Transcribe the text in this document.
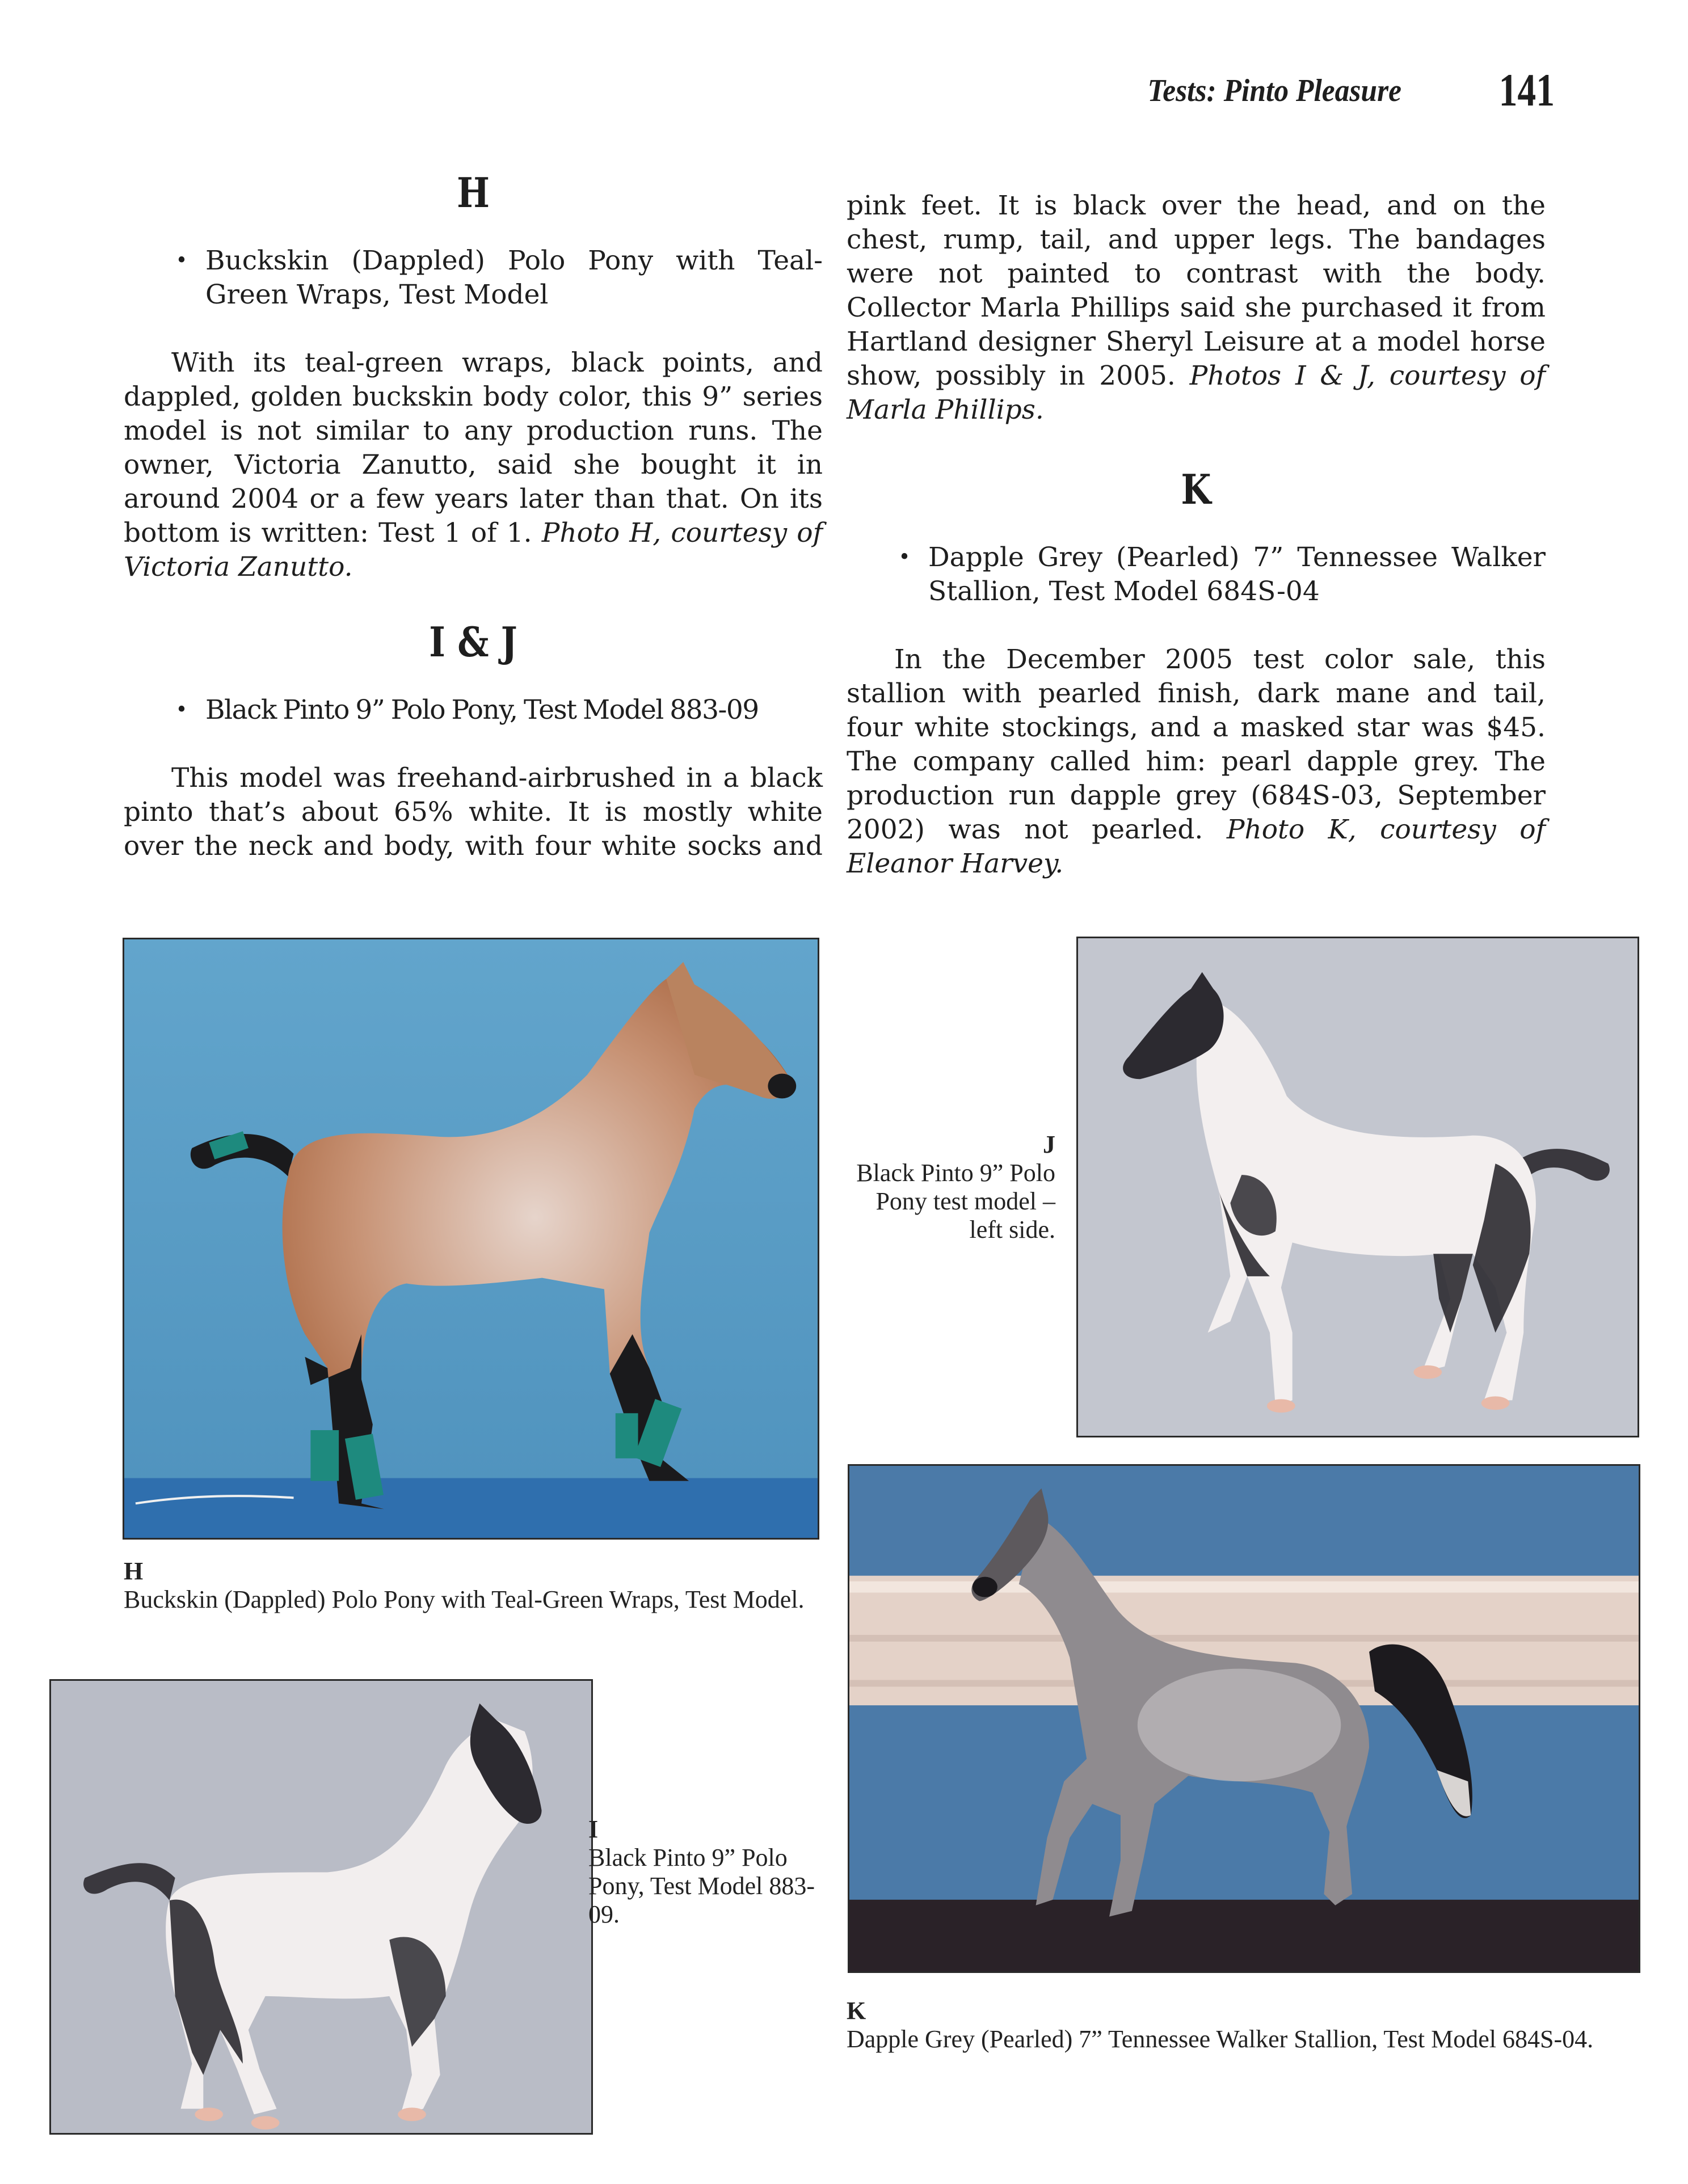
Tests: Pinto Pleasure 141
H
• Buckskin (Dappled) Polo Pony with Teal-Green Wraps, Test Model

With its teal-green wraps, black points, and dappled, golden buckskin body color, this 9” series model is not similar to any production runs. The owner, Victoria Zanutto, said she bought it in around 2004 or a few years later than that. On its bottom is written: Test 1 of 1. Photo H, courtesy of Victoria Zanutto.

I & J
• Black Pinto 9” Polo Pony, Test Model 883-09

This model was freehand-airbrushed in a black pinto that’s about 65% white. It is mostly white over the neck and body, with four white socks and

pink feet. It is black over the head, and on the chest, rump, tail, and upper legs. The bandages were not painted to contrast with the body. Collector Marla Phillips said she purchased it from Hartland designer Sheryl Leisure at a model horse show, possibly in 2005. Photos I & J, courtesy of Marla Phillips.

K
• Dapple Grey (Pearled) 7” Tennessee Walker Stallion, Test Model 684S-04

In the December 2005 test color sale, this stallion with pearled finish, dark mane and tail, four white stockings, and a masked star was $45. The company called him: pearl dapple grey. The production run dapple grey (684S-03, September 2002) was not pearled. Photo K, courtesy of Eleanor Harvey.

H
Buckskin (Dappled) Polo Pony with Teal-Green Wraps, Test Model.
J
Black Pinto 9” Polo Pony test model – left side.
K
Dapple Grey (Pearled) 7” Tennessee Walker Stallion, Test Model 684S-04.
I
Black Pinto 9” Polo Pony, Test Model 883-09.
